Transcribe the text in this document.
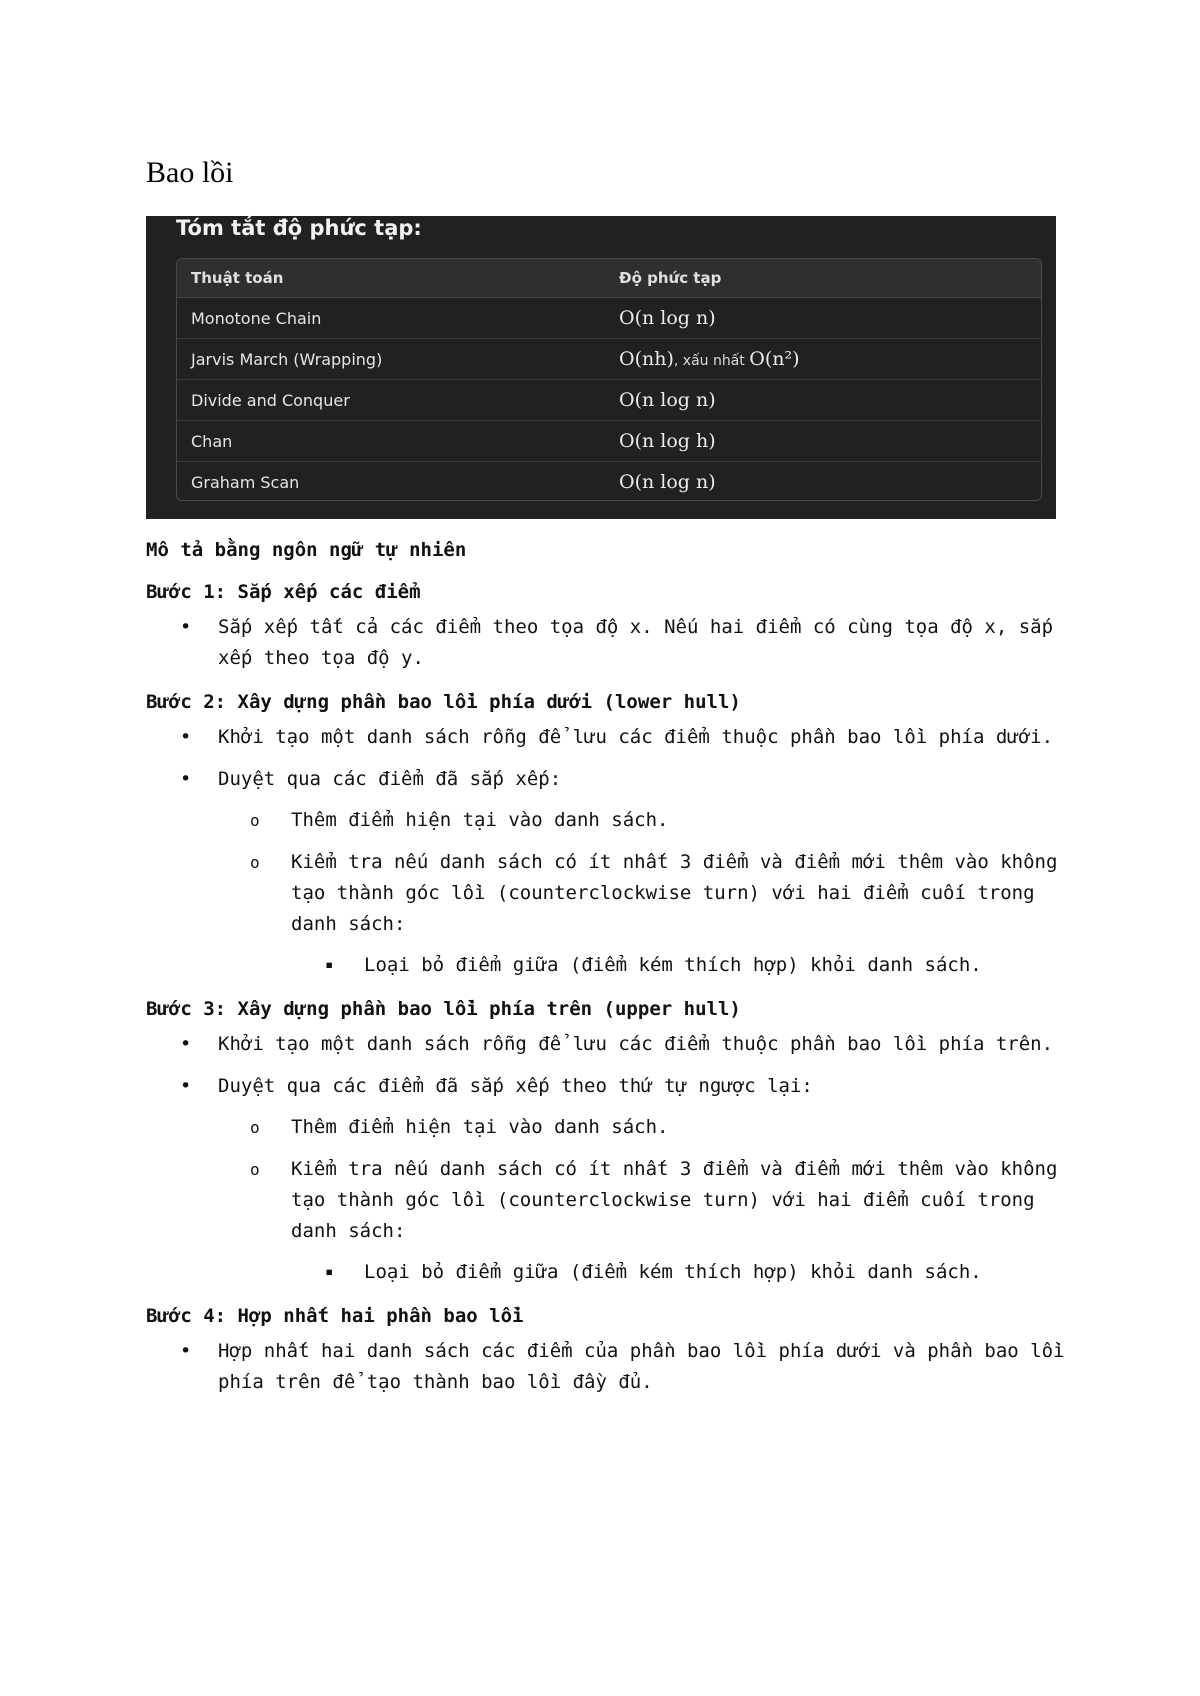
Bao lồi
Tóm tắt độ phức tạp:
Thuật toán	Độ phức tạp
Monotone Chain	O(n log n)
Jarvis March (Wrapping)	O(nh), xấu nhất O(n²)
Divide and Conquer	O(n log n)
Chan	O(n log h)
Graham Scan	O(n log n)

Mô tả bằng ngôn ngữ tự nhiên

Bước 1: Sắp xếp các điểm

• Sắp xếp tất cả các điểm theo tọa độ x. Nếu hai điểm có cùng tọa độ x, sắp xếp theo tọa độ y.

Bước 2: Xây dựng phần bao lồi phía dưới (lower hull)

• Khởi tạo một danh sách rỗng để lưu các điểm thuộc phần bao lồi phía dưới.
• Duyệt qua các điểm đã sắp xếp:
o Thêm điểm hiện tại vào danh sách.
o Kiểm tra nếu danh sách có ít nhất 3 điểm và điểm mới thêm vào không tạo thành góc lồi (counterclockwise turn) với hai điểm cuối trong danh sách:
▪ Loại bỏ điểm giữa (điểm kém thích hợp) khỏi danh sách.

Bước 3: Xây dựng phần bao lồi phía trên (upper hull)

• Khởi tạo một danh sách rỗng để lưu các điểm thuộc phần bao lồi phía trên.
• Duyệt qua các điểm đã sắp xếp theo thứ tự ngược lại:
o Thêm điểm hiện tại vào danh sách.
o Kiểm tra nếu danh sách có ít nhất 3 điểm và điểm mới thêm vào không tạo thành góc lồi (counterclockwise turn) với hai điểm cuối trong danh sách:
▪ Loại bỏ điểm giữa (điểm kém thích hợp) khỏi danh sách.

Bước 4: Hợp nhất hai phần bao lồi

• Hợp nhất hai danh sách các điểm của phần bao lồi phía dưới và phần bao lồi phía trên để tạo thành bao lồi đầy đủ.
